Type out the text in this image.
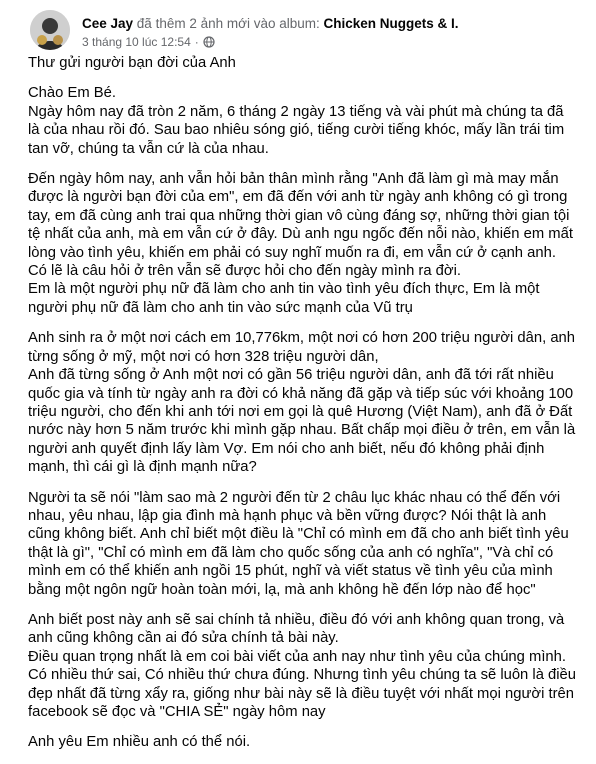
Cee Jay đã thêm 2 ảnh mới vào album: Chicken Nuggets & I.
3 tháng 10 lúc 12:54 ·

Thư gửi người bạn đời của Anh

Chào Em Bé.
Ngày hôm nay đã tròn 2 năm, 6 tháng 2 ngày 13 tiếng và vài phút mà chúng ta đã là của nhau rồi đó. Sau bao nhiêu sóng gió, tiếng cười tiếng khóc, mấy lần trái tim tan vỡ, chúng ta vẫn cứ là của nhau.

Đến ngày hôm nay, anh vẫn hỏi bản thân mình rằng "Anh đã làm gì mà may mắn được là người bạn đời của em", em đã đến với anh từ ngày anh không có gì trong tay, em đã cùng anh trai qua những thời gian vô cùng đáng sợ, những thời gian tội tệ nhất của anh, mà em vẫn cứ ở đây. Dù anh ngu ngốc đến nỗi nào, khiến em mất lòng vào tình yêu, khiến em phải có suy nghĩ muốn ra đi, em vẫn cứ ở cạnh anh.
Có lẽ là câu hỏi ở trên vẫn sẽ được hỏi cho đến ngày mình ra đời.
Em là một người phụ nữ đã làm cho anh tin vào tình yêu đích thực, Em là một người phụ nữ đã làm cho anh tin vào sức mạnh của Vũ trụ

Anh sinh ra ở một nơi cách em 10,776km, một nơi có hơn 200 triệu người dân, anh từng sống ở mỹ, một nơi có hơn 328 triệu người dân,
Anh đã từng sống ở Anh một nơi có gần 56 triệu người dân, anh đã tới rất nhiều quốc gia và tính từ ngày anh ra đời có khả năng đã gặp và tiếp súc với khoảng 100 triệu người, cho đến khi anh tới nơi em gọi là quê Hương (Việt Nam), anh đã ở Đất nước này hơn 5 năm trước khi mình gặp nhau. Bất chấp mọi điều ở trên, em vẫn là người anh quyết định lấy làm Vợ. Em nói cho anh biết, nếu đó không phải định mạnh, thì cái gì là định mạnh nữa?

Người ta sẽ nói "làm sao mà 2 người đến từ 2 châu lục khác nhau có thể đến với nhau, yêu nhau, lập gia đình mà hạnh phục và bền vững được? Nói thật là anh cũng không biết. Anh chỉ biết một điều là "Chỉ có mình em đã cho anh biết tình yêu thật là gì", "Chỉ có mình em đã làm cho quốc sống của anh có nghĩa", "Và chỉ có mình em có thể khiến anh ngồi 15 phút, nghĩ và viết status về tình yêu của mình bằng một ngôn ngữ hoàn toàn mới, lạ, mà anh không hề đến lớp nào để học"

Anh biết post này anh sẽ sai chính tả nhiều, điều đó với anh không quan trong, và anh cũng không cần ai đó sửa chính tả bài này.
Điều quan trọng nhất là em coi bài viết của anh nay như tình yêu của chúng mình. Có nhiều thứ sai, Có nhiều thứ chưa đúng. Nhưng tình yêu chúng ta sẽ luôn là điều đẹp nhất đã từng xẩy ra, giống như bài này sẽ là điều tuyệt với nhất mọi người trên facebook sẽ đọc và "CHIA SẺ" ngày hôm nay

Anh yêu Em nhiều anh có thể nói.
